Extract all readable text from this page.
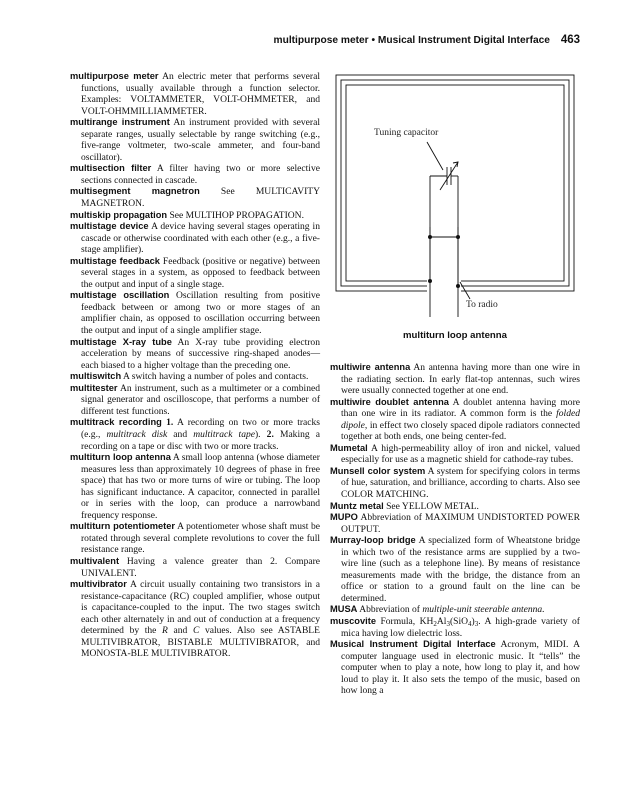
multipurpose meter • Musical Instrument Digital Interface 463

multipurpose meter An electric meter that performs several functions, usually available through a function selector. Examples: VOLTAMMETER, VOLT-OHMMETER, and VOLT-OHMMILLIAMMETER.

multirange instrument An instrument provided with several separate ranges, usually selectable by range switching (e.g., five-range voltmeter, two-scale ammeter, and four-band oscillator).

multisection filter A filter having two or more selective sections connected in cascade.

multisegment magnetron See MULTICAVITY MAGNETRON.

multiskip propagation See MULTIHOP PROPAGATION.

multistage device A device having several stages operating in cascade or otherwise coordinated with each other (e.g., a five-stage amplifier).

multistage feedback Feedback (positive or negative) between several stages in a system, as opposed to feedback between the output and input of a single stage.

multistage oscillation Oscillation resulting from positive feedback between or among two or more stages of an amplifier chain, as opposed to oscillation occurring between the output and input of a single amplifier stage.

multistage X-ray tube An X-ray tube providing electron acceleration by means of successive ring-shaped anodes—each biased to a higher voltage than the preceding one.

multiswitch A switch having a number of poles and contacts.

multitester An instrument, such as a multimeter or a combined signal generator and oscilloscope, that performs a number of different test functions.

multitrack recording 1. A recording on two or more tracks (e.g., multitrack disk and multitrack tape). 2. Making a recording on a tape or disc with two or more tracks.

multiturn loop antenna A small loop antenna (whose diameter measures less than approximately 10 degrees of phase in free space) that has two or more turns of wire or tubing. The loop has significant inductance. A capacitor, connected in parallel or in series with the loop, can produce a narrowband frequency response.

multiturn potentiometer A potentiometer whose shaft must be rotated through several complete revolutions to cover the full resistance range.

multivalent Having a valence greater than 2. Compare UNIVALENT.

multivibrator A circuit usually containing two transistors in a resistance-capacitance (RC) coupled amplifier, whose output is capacitance-coupled to the input. The two stages switch each other alternately in and out of conduction at a frequency determined by the R and C values. Also see ASTABLE MULTIVIBRATOR, BISTABLE MULTIVIBRATOR, and MONOSTA-BLE MULTIVIBRATOR.

Tuning capacitor
To radio
multiturn loop antenna

multiwire antenna An antenna having more than one wire in the radiating section. In early flat-top antennas, such wires were usually connected together at one end.

multiwire doublet antenna A doublet antenna having more than one wire in its radiator. A common form is the folded dipole, in effect two closely spaced dipole radiators connected together at both ends, one being center-fed.

Mumetal A high-permeability alloy of iron and nickel, valued especially for use as a magnetic shield for cathode-ray tubes.

Munsell color system A system for specifying colors in terms of hue, saturation, and brilliance, according to charts. Also see COLOR MATCHING.

Muntz metal See YELLOW METAL.

MUPO Abbreviation of MAXIMUM UNDISTORTED POWER OUTPUT.

Murray-loop bridge A specialized form of Wheatstone bridge in which two of the resistance arms are supplied by a two-wire line (such as a telephone line). By means of resistance measurements made with the bridge, the distance from an office or station to a ground fault on the line can be determined.

MUSA Abbreviation of multiple-unit steerable antenna.

muscovite Formula, $KH_2Al_3(SiO_4)_3$. A high-grade variety of mica having low dielectric loss.

Musical Instrument Digital Interface Acronym, MIDI. A computer language used in electronic music. It “tells” the computer when to play a note, how long to play it, and how loud to play it. It also sets the tempo of the music, based on how long a
